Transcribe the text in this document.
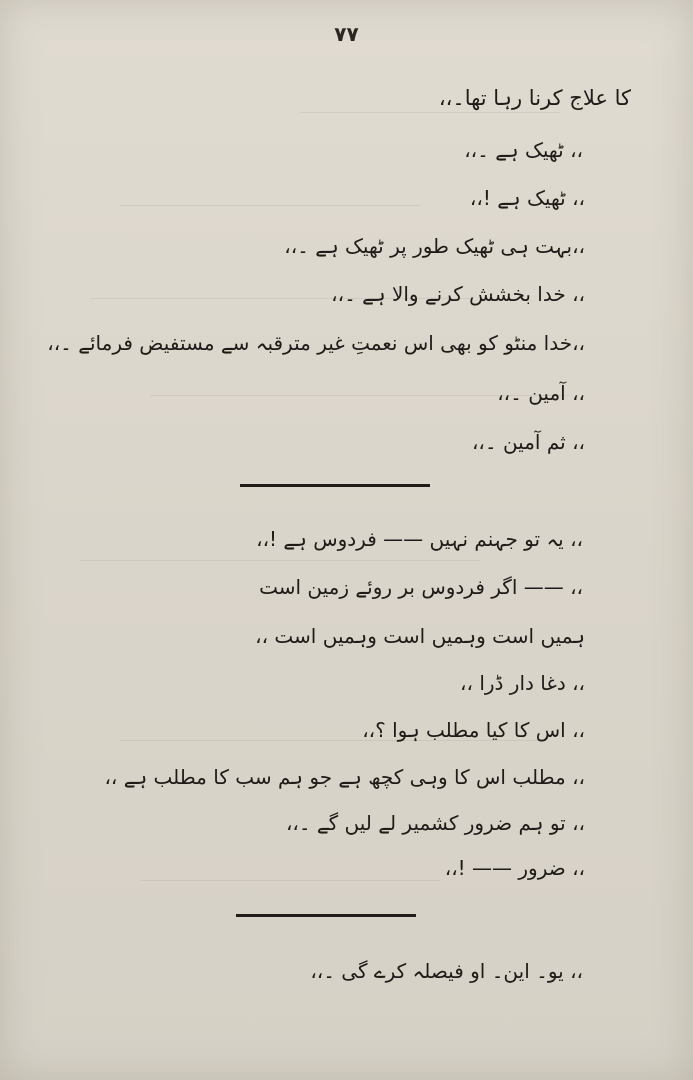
۷۷
کا علاج کرنا رہا تھا۔،،
،، ٹھیک ہے ۔،،
،، ٹھیک ہے !،،
،،بہت ہی ٹھیک طور پر ٹھیک ہے ۔،،
،، خدا بخشش کرنے والا ہے ۔،،
،،خدا منٹو کو بھی اس نعمتِ غیر مترقبہ سے مستفیض فرمائے ۔،،
،، آمین ۔،،
،، ثم آمین ۔،،
،، یہ تو جہنم نہیں —— فردوس ہے !،،
،، —— اگر فردوس بر روئے زمین است
ہمیں است وہمیں است وہمیں است ،،
،، دغا دار ڈرا ،،
،، اس کا کیا مطلب ہوا ؟،،
،، مطلب اس کا وہی کچھ ہے جو ہم سب کا مطلب ہے ،،
،، تو ہم ضرور کشمیر لے لیں گے ۔،،
،، ضرور —— !،،
،، یو۔ این۔ او فیصلہ کرے گی ۔،،
